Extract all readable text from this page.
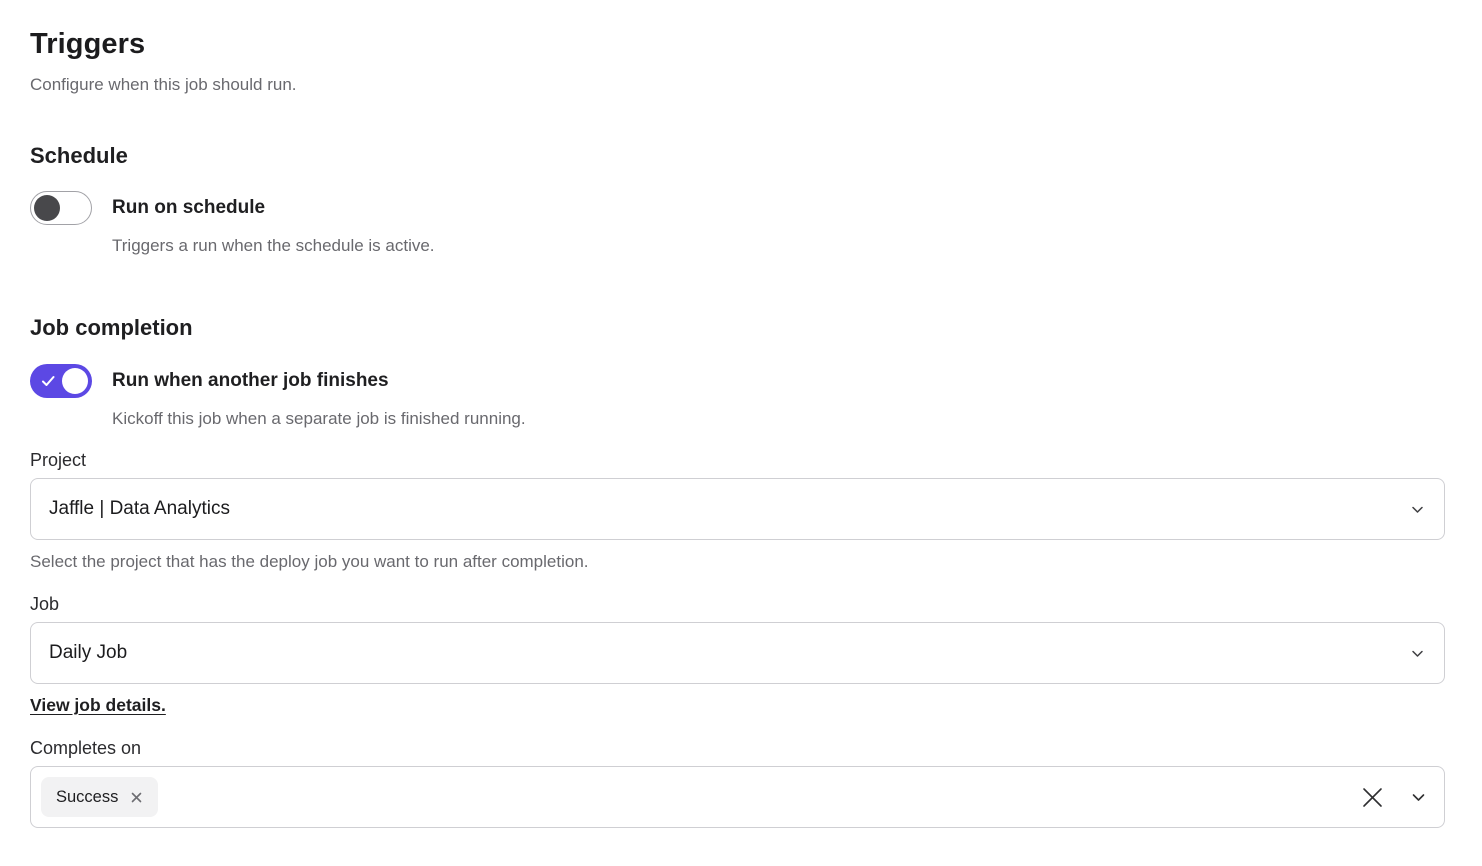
Triggers

Configure when this job should run.

Schedule
Run on schedule
Triggers a run when the schedule is active.
Job completion
Run when another job finishes
Kickoff this job when a separate job is finished running.
Project
Jaffle | Data Analytics

Select the project that has the deploy job you want to run after completion.

Job
Daily Job
View job details.
Completes on
Success
